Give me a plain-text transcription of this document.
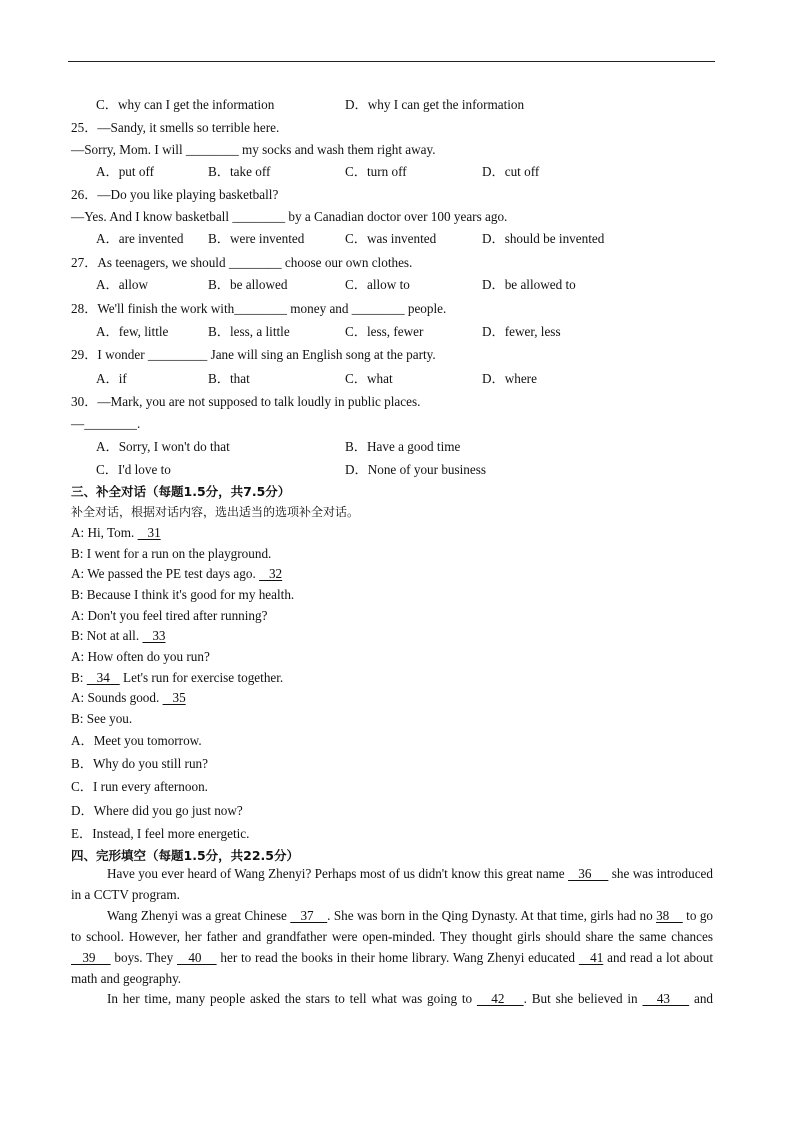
C．why can I get the information	D．why I can get the information
25．—Sandy, it smells so terrible here.
—Sorry, Mom. I will ________ my socks and wash them right away.
A．put off	B．take off	C．turn off	D．cut off
26．—Do you like playing basketball?
—Yes. And I know basketball ________ by a Canadian doctor over 100 years ago.
A．are invented B．were invented	C．was invented	D．should be invented
27．As teenagers, we should ________ choose our own clothes.
A．allow	B．be allowed	C．allow to	D．be allowed to
28．We'll finish the work with________ money and ________ people.
A．few, little	B．less, a little	C．less, fewer	D．fewer, less
29．I wonder _________ Jane will sing an English song at the party.
A．if	B．that	C．what	D．where
30．—Mark, you are not supposed to talk loudly in public places.
—________.
A．Sorry, I won't do that	B．Have a good time
C．I'd love to	D．None of your business
三、补全对话（每题1.5分，共7.5分）
补全对话，根据对话内容，选出适当的选项补全对话。
A: Hi, Tom.    31
B: I went for a run on the playground.
A: We passed the PE test days ago.    32
B: Because I think it's good for my health.
A: Don't you feel tired after running?
B: Not at all.    33
A: How often do you run?
B:    34    Let's run for exercise together.
A: Sounds good.    35
B: See you.
A．Meet you tomorrow.
B．Why do you still run?
C．I run every afternoon.
D．Where did you go just now?
E．Instead, I feel more energetic.
四、完形填空（每题1.5分，共22.5分）
Have you ever heard of Wang Zhenyi? Perhaps most of us didn't know this great name    36      she was introduced in a CCTV program.
Wang Zhenyi was a great Chinese    37    . She was born in the Qing Dynasty. At that time, girls had no 38     to go to school. However, her father and grandfather were open-minded. They thought girls should share the same chances    39     boys. They    40     her to read the books in their home library. Wang Zhenyi educated    41 and read a lot about math and geography.
In her time, many people asked the stars to tell what was going to    42    . But she believed in    43     and
